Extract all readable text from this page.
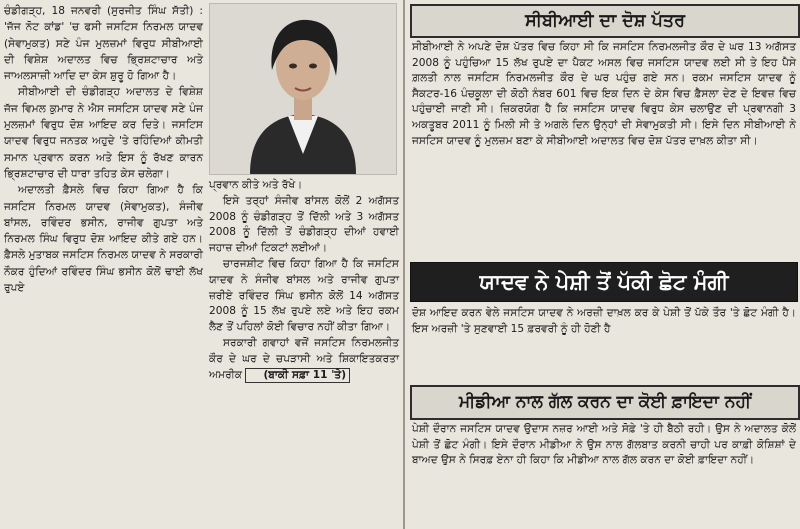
ਚੰਡੀਗੜ੍ਹ, 18 ਜਨਵਰੀ (ਸੁਰਜੀਤ ਸਿੰਘ ਸੱਤੀ) : 'ਜੱਜ ਨੋਟ ਕਾਂਡ' 'ਚ ਫਸੀ ਜਸਟਿਸ ਨਿਰਮਲ ਯਾਦਵ (ਸੇਵਾਮੁਕਤ) ਸਣੇ ਪੰਜ ਮੁਲਜ਼ਮਾਂ ਵਿਰੁਧ ਸੀਬੀਆਈ ਦੀ ਵਿਸ਼ੇਸ਼ ਅਦਾਲਤ ਵਿਚ ਭ੍ਰਿਸ਼ਟਾਚਾਰ ਅਤੇ ਜਾਅਲਸਾਜ਼ੀ ਆਦਿ ਦਾ ਕੇਸ ਸ਼ੁਰੂ ਹੋ ਗਿਆ ਹੈ।

ਸੀਬੀਆਈ ਦੀ ਚੰਡੀਗੜ੍ਹ ਅਦਾਲਤ ਦੇ ਵਿਸ਼ੇਸ਼ ਜੱਜ ਵਿਮਲ ਕੁਮਾਰ ਨੇ ਐਸ ਜਸਟਿਸ ਯਾਦਵ ਸਣੇ ਪੰਜ ਮੁਲਜ਼ਮਾਂ ਵਿਰੁਧ ਦੋਸ਼ ਆਇਦ ਕਰ ਦਿਤੇ। ਜਸਟਿਸ ਯਾਦਵ ਵਿਰੁਧ ਜਨਤਕ ਅਹੁਦੇ 'ਤੇ ਰਹਿੰਦਿਆਂ ਕੀਮਤੀ ਸਮਾਨ ਪ੍ਰਵਾਨ ਕਰਨ ਅਤੇ ਇਸ ਨੂੰ ਰੱਖਣ ਕਾਰਨ ਭ੍ਰਿਸ਼ਟਾਚਾਰ ਦੀ ਧਾਰਾ ਤਹਿਤ ਕੇਸ ਚਲੇਗਾ।

ਅਦਾਲਤੀ ਫ਼ੈਸਲੇ ਵਿਚ ਕਿਹਾ ਗਿਆ ਹੈ ਕਿ ਜਸਟਿਸ ਨਿਰਮਲ ਯਾਦਵ (ਸੇਵਾਮੁਕਤ), ਸੰਜੀਵ ਬਾਂਸਲ, ਰਵਿੰਦਰ ਭਸੀਨ, ਰਾਜੀਵ ਗੁਪਤਾ ਅਤੇ ਨਿਰਮਲ ਸਿੰਘ ਵਿਰੁਧ ਦੋਸ਼ ਆਇਦ ਕੀਤੇ ਗਏ ਹਨ। ਫ਼ੈਸਲੇ ਮੁਤਾਬਕ ਜਸਟਿਸ ਨਿਰਮਲ ਯਾਦਵ ਨੇ ਸਰਕਾਰੀ ਨੌਕਰ ਹੁੰਦਿਆਂ ਰਵਿੰਦਰ ਸਿੰਘ ਭਸੀਨ ਕੋਲੋਂ ਢਾਈ ਲੱਖ ਰੁਪਏ

ਪ੍ਰਵਾਨ ਕੀਤੇ ਅਤੇ ਰੱਖੇ।

ਇਸੇ ਤਰ੍ਹਾਂ ਸੰਜੀਵ ਬਾਂਸਲ ਕੋਲੋਂ 2 ਅਗੱਸਤ 2008 ਨੂੰ ਚੰਡੀਗੜ੍ਹ ਤੋਂ ਦਿੱਲੀ ਅਤੇ 3 ਅਗੱਸਤ 2008 ਨੂੰ ਦਿੱਲੀ ਤੋਂ ਚੰਡੀਗੜ੍ਹ ਦੀਆਂ ਹਵਾਈ ਜਹਾਜ਼ ਦੀਆਂ ਟਿਕਟਾਂ ਲਈਆਂ।

ਚਾਰਜਸ਼ੀਟ ਵਿਚ ਕਿਹਾ ਗਿਆ ਹੈ ਕਿ ਜਸਟਿਸ ਯਾਦਵ ਨੇ ਸੰਜੀਵ ਬਾਂਸਲ ਅਤੇ ਰਾਜੀਵ ਗੁਪਤਾ ਜ਼ਰੀਏ ਰਵਿੰਦਰ ਸਿੰਘ ਭਸੀਨ ਕੋਲੋਂ 14 ਅਗੱਸਤ 2008 ਨੂੰ 15 ਲੱਖ ਰੁਪਏ ਲਏ ਅਤੇ ਇਹ ਰਕਮ ਲੈਣ ਤੋਂ ਪਹਿਲਾਂ ਕੋਈ ਵਿਚਾਰ ਨਹੀਂ ਕੀਤਾ ਗਿਆ।

ਸਰਕਾਰੀ ਗਵਾਹਾਂ ਵਜੋਂ ਜਸਟਿਸ ਨਿਰਮਲਜੀਤ ਕੌਰ ਦੇ ਘਰ ਦੇ ਚਪੜਾਸੀ ਅਤੇ ਸ਼ਿਕਾਇਤਕਰਤਾ ਅਮਰੀਕ (ਬਾਕੀ ਸਫ਼ਾ 11 'ਤੇ)

ਸੀਬੀਆਈ ਦਾ ਦੋਸ਼ ਪੱਤਰ
ਸੀਬੀਆਈ ਨੇ ਅਪਣੇ ਦੋਸ਼ ਪੱਤਰ ਵਿਚ ਕਿਹਾ ਸੀ ਕਿ ਜਸਟਿਸ ਨਿਰਮਲਜੀਤ ਕੌਰ ਦੇ ਘਰ 13 ਅਗੱਸਤ 2008 ਨੂੰ ਪਹੁੰਚਿਆ 15 ਲੱਖ ਰੁਪਏ ਦਾ ਪੈਕਟ ਅਸਲ ਵਿਚ ਜਸਟਿਸ ਯਾਦਵ ਲਈ ਸੀ ਤੇ ਇਹ ਪੈਸੇ ਗ਼ਲਤੀ ਨਾਲ ਜਸਟਿਸ ਨਿਰਮਲਜੀਤ ਕੌਰ ਦੇ ਘਰ ਪਹੁੰਚ ਗਏ ਸਨ। ਰਕਮ ਜਸਟਿਸ ਯਾਦਵ ਨੂੰ ਸੈਕਟਰ-16 ਪੰਚਕੂਲਾ ਦੀ ਕੋਠੀ ਨੰਬਰ 601 ਵਿਚ ਇਕ ਦਿਨ ਦੇ ਕੇਸ ਵਿਚ ਫ਼ੈਸਲਾ ਦੇਣ ਦੇ ਇਵਜ਼ ਵਿਚ ਪਹੁੰਚਾਈ ਜਾਣੀ ਸੀ। ਜ਼ਿਕਰਯੋਗ ਹੈ ਕਿ ਜਸਟਿਸ ਯਾਦਵ ਵਿਰੁਧ ਕੇਸ ਚਲਾਉਣ ਦੀ ਪ੍ਰਵਾਨਗੀ 3 ਅਕਤੂਬਰ 2011 ਨੂੰ ਮਿਲੀ ਸੀ ਤੇ ਅਗਲੇ ਦਿਨ ਉਨ੍ਹਾਂ ਦੀ ਸੇਵਾਮੁਕਤੀ ਸੀ। ਇਸੇ ਦਿਨ ਸੀਬੀਆਈ ਨੇ ਜਸਟਿਸ ਯਾਦਵ ਨੂੰ ਮੁਲਜ਼ਮ ਬਣਾ ਕੇ ਸੀਬੀਆਈ ਅਦਾਲਤ ਵਿਚ ਦੋਸ਼ ਪੱਤਰ ਦਾਖ਼ਲ ਕੀਤਾ ਸੀ।
ਯਾਦਵ ਨੇ ਪੇਸ਼ੀ ਤੋਂ ਪੱਕੀ ਛੋਟ ਮੰਗੀ
ਦੋਸ਼ ਆਇਦ ਕਰਨ ਵੇਲੇ ਜਸਟਿਸ ਯਾਦਵ ਨੇ ਅਰਜ਼ੀ ਦਾਖ਼ਲ ਕਰ ਕੇ ਪੇਸ਼ੀ ਤੋਂ ਪੱਕੇ ਤੌਰ 'ਤੇ ਛੋਟ ਮੰਗੀ ਹੈ। ਇਸ ਅਰਜ਼ੀ 'ਤੇ ਸੁਣਵਾਈ 15 ਫ਼ਰਵਰੀ ਨੂੰ ਹੀ ਹੋਣੀ ਹੈ
ਮੀਡੀਆ ਨਾਲ ਗੱਲ ਕਰਨ ਦਾ ਕੋਈ ਫ਼ਾਇਦਾ ਨਹੀਂ
ਪੇਸ਼ੀ ਦੌਰਾਨ ਜਸਟਿਸ ਯਾਦਵ ਉਦਾਸ ਨਜ਼ਰ ਆਈ ਅਤੇ ਸੋਫ਼ੇ 'ਤੇ ਹੀ ਬੈਠੀ ਰਹੀ। ਉਸ ਨੇ ਅਦਾਲਤ ਕੋਲੋਂ ਪੇਸ਼ੀ ਤੋਂ ਛੋਟ ਮੰਗੀ। ਇਸੇ ਦੌਰਾਨ ਮੀਡੀਆ ਨੇ ਉਸ ਨਾਲ ਗੱਲਬਾਤ ਕਰਨੀ ਚਾਹੀ ਪਰ ਕਾਫ਼ੀ ਕੋਸ਼ਿਸ਼ਾਂ ਦੇ ਬਾਅਦ ਉਸ ਨੇ ਸਿਰਫ਼ ਏਨਾ ਹੀ ਕਿਹਾ ਕਿ ਮੀਡੀਆ ਨਾਲ ਗੱਲ ਕਰਨ ਦਾ ਕੋਈ ਫ਼ਾਇਦਾ ਨਹੀਂ।
